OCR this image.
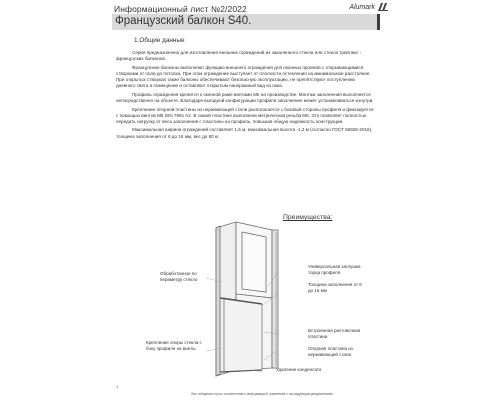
Информационный лист №2/2022	Alumark
Французский балкон S40.
1.Общие данные

Серия предназначена для изготовления внешних ограждений из закаленного стекла или стекла триплекс - французских балконов.

Французские балконы выполняют функцию внешнего ограждения для оконных проемов с открывающимися створками от пола до потолка. При этом ограждение выступает от плоскости остекления на минимальное расстояние. При открытых створках такие балконы обеспечивают безопасную эксплуатацию, не препятствуют поступлению дневного света в помещение и оставляют открытым панорамный вид из окна.

Профиль ограждения крепится к оконной раме винтами M6 на производстве. Монтаж заполнения выполняется непосредственно на объекте. Благодаря выгодной конфигурации профиля заполнение может устанавливаться изнутри.

Крепление опорной пластины из нержавеющей стали располагается с боковой стороны профиля и фиксируется с помощью винтов M6 DIN 7991 A2. В самой пластине выполнена метрическая резьба M6. Это позволяет полностью передать нагрузку от веса заполнения с пластины на профиль, повышая общую надежность конструкции.

Максимальная ширина ограждений составляет 1,5 м, максимальная высота -1,2 м (согласно ГОСТ 56926-2016), толщина заполнения от 6 до 16 мм, вес до 60 кг.

Преимущества:
Обработанное по периметру стекло
Крепление опоры стекла с боку профиля на винты
Универсальная заглушка торца профиля
Толщина заполнения от 6 до 16 мм
Встроенная рихтовочная пластина
Опорная пластина из нержавеющей стали
Удаление конденсата
1
Все собщения строго соответствии с информацией, изменение с последующим уведомлением
